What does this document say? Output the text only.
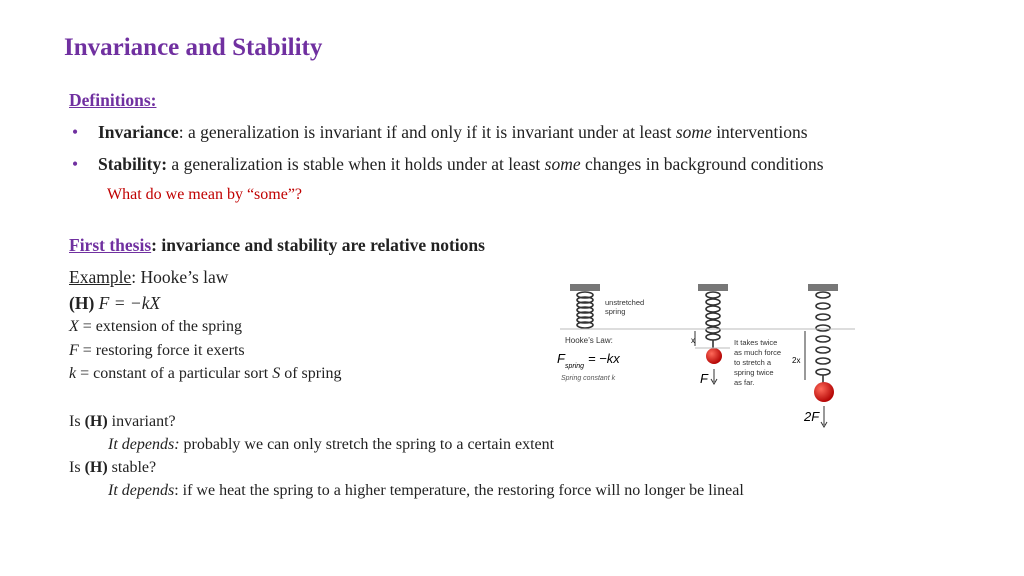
Invariance and Stability
Definitions:
• Invariance: a generalization is invariant if and only if it is invariant under at least some interventions
• Stability: a generalization is stable when it holds under at least some changes in background conditions
What do we mean by “some”?
First thesis: invariance and stability are relative notions
Example: Hooke’s law
(H) F = −kX
X = extension of the spring
F = restoring force it exerts
k = constant of a particular sort S of spring
Is (H) invariant?
It depends: probably we can only stretch the spring to a certain extent
Is (H) stable?
It depends: if we heat the spring to a higher temperature, the restoring force will no longer be lineal
x
2x
unstretched
spring
Hooke’s Law:
F
spring
= −kx
Spring constant k
It takes twice
as much force
to stretch a
spring twice
as far.
F
2F
